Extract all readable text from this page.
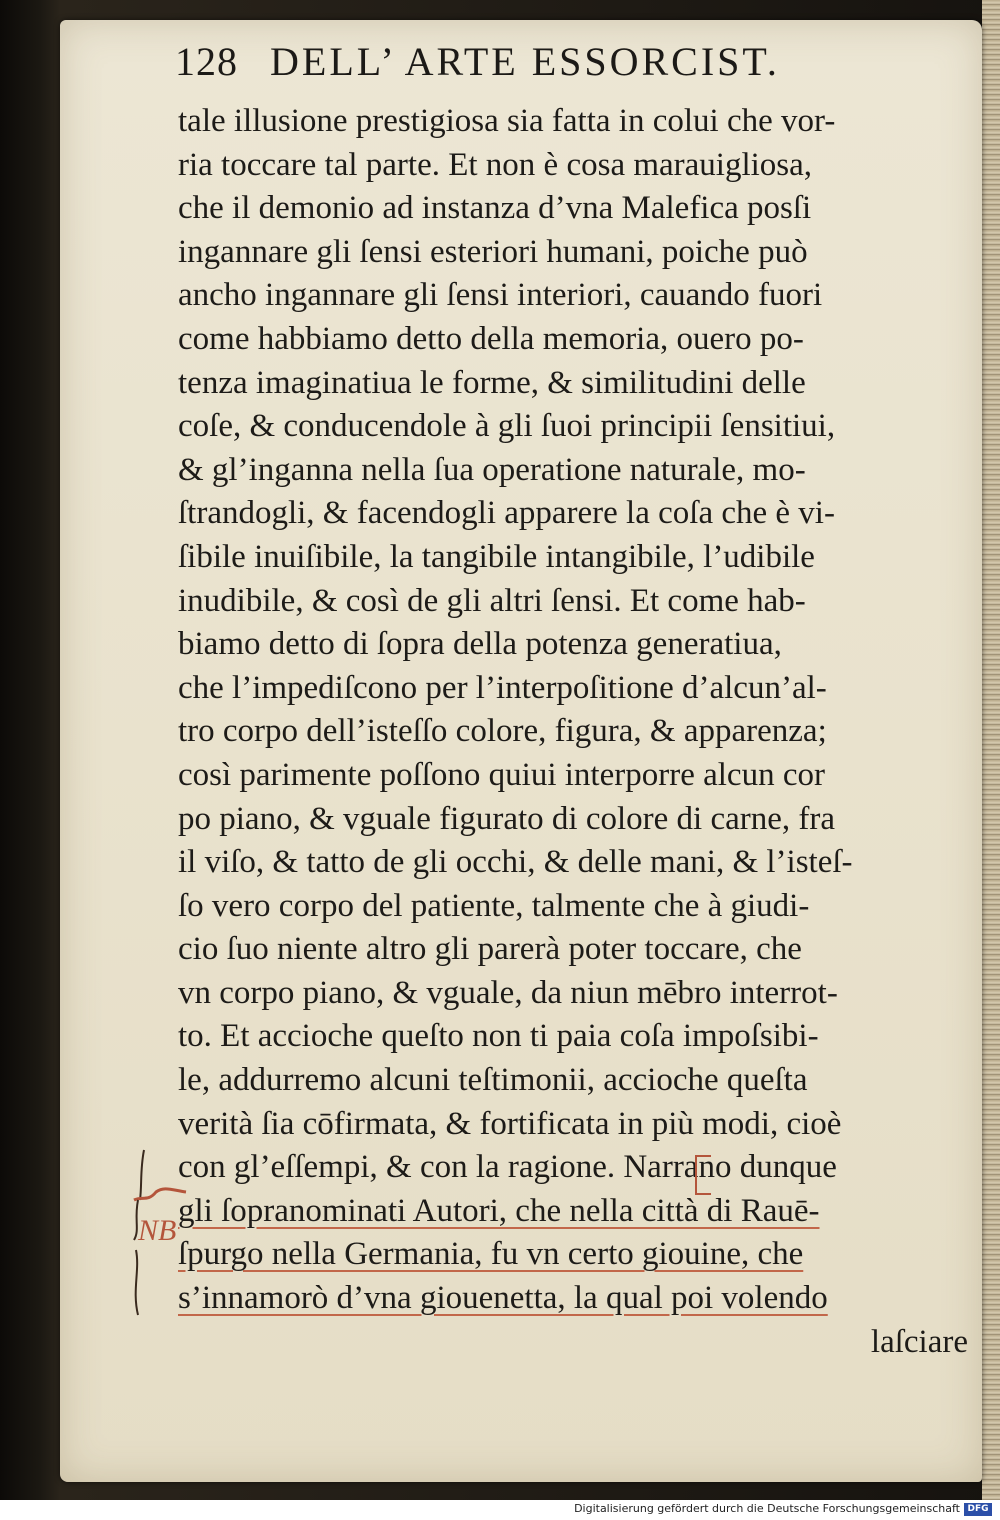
128 DELL’ ARTE ESSORCIST.
tale illusione prestigiosa sia fatta in colui che vor-
ria toccare tal parte. Et non è cosa marauigliosa,
che il demonio ad instanza d’vna Malefica posſi
ingannare gli ſensi esteriori humani, poiche può
ancho ingannare gli ſensi interiori, cauando fuori
come habbiamo detto della memoria, ouero po-
tenza imaginatiua le forme, & similitudini delle
coſe, & conducendole à gli ſuoi principii ſensitiui,
& gl’inganna nella ſua operatione naturale, mo-
ſtrandogli, & facendogli apparere la coſa che è vi-
ſibile inuiſibile, la tangibile intangibile, l’udibile
inudibile, & così de gli altri ſensi. Et come hab-
biamo detto di ſopra della potenza generatiua,
che l’impediſcono per l’interpoſitione d’alcun’al-
tro corpo dell’isteſſo colore, figura, & apparenza;
così parimente poſſono quiui interporre alcun cor
po piano, & vguale figurato di colore di carne, fra
il viſo, & tatto de gli occhi, & delle mani, & l’isteſ-
ſo vero corpo del patiente, talmente che à giudi-
cio ſuo niente altro gli parerà poter toccare, che
vn corpo piano, & vguale, da niun mēbro interrot-
to. Et accioche queſto non ti paia coſa impoſsibi-
le, addurremo alcuni teſtimonii, accioche queſta
verità ſia cōfirmata, & fortificata in più modi, cioè
con gl’eſſempi, & con la ragione. Narrano dunque
gli ſopranominati Autori, che nella città di Rauē-
ſpurgo nella Germania, fu vn certo giouine, che
s’innamorò d’vna giouenetta, la qual poi volendo
laſciare
NB
Digitalisierung gefördert durch die Deutsche Forschungsgemeinschaft DFG
